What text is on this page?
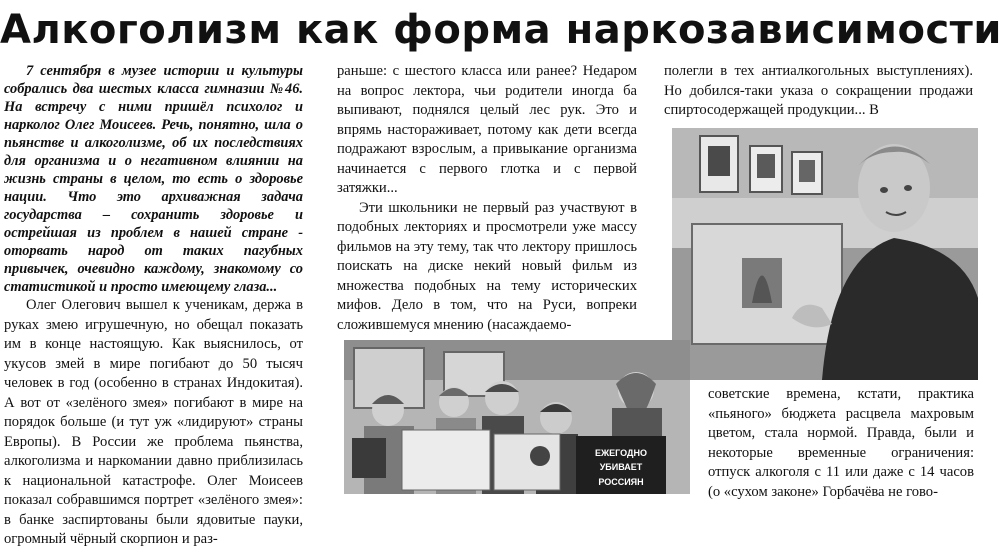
Алкоголизм как форма наркозависимости

7 сентября в музее истории и культуры собрались два шестых класса гимназии №46. На встречу с ними пришёл психолог и нарколог Олег Моисеев. Речь, понятно, шла о пьянстве и алкоголизме, об их последствиях для организма и о негативном влиянии на жизнь страны в целом, то есть о здоровье нации. Что это архиважная задача государства – сохранить здоровье и острейшая из проблем в нашей стране - оторвать народ от таких пагубных привычек, очевидно каждому, знакомому со статистикой и просто имеющему глаза...

Олег Олегович вышел к ученикам, держа в руках змею игрушечную, но обещал показать им в конце настоящую. Как выяснилось, от укусов змей в мире погибают до 50 тысяч человек в год (особенно в странах Индокитая). А вот от «зелёного змея» погибают в мире на порядок больше (и тут уж «лидируют» страны Европы). В России же проблема пьянства, алкоголизма и наркомании давно приблизилась к национальной катастрофе. Олег Моисеев показал собравшимся портрет «зелёного змея»: в банке заспиртованы были ядовитые пауки, огромный чёрный скорпион и раз-

раньше: с шестого класса или ранее? Недаром на вопрос лектора, чьи родители иногда ба выпивают, поднялся целый лес рук. Это и впрямь настораживает, потому как дети всегда подражают взрослым, а привыкание организма начинается с первого глотка и с первой затяжки...

Эти школьники не первый раз участвуют в подобных лекториях и просмотрели уже массу фильмов на эту тему, так что лектору пришлось поискать на диске некий новый фильм из множества подобных на тему исторических мифов. Дело в том, что на Руси, вопреки сложившемуся мнению (насаждаемо-

полегли в тех антиалкогольных выступлениях). Но добился-таки указа о сокращении продажи спиртосодержащей продукции... В

советские времена, кстати, практика «пьяного» бюджета расцвела махровым цветом, стала нормой. Правда, были и некоторые временные ограничения: отпуск алкоголя с 11 или даже с 14 часов (о «сухом законе» Горбачёва не гово-

ЕЖЕГОДНО
УБИВАЕТ
РОССИЯН
